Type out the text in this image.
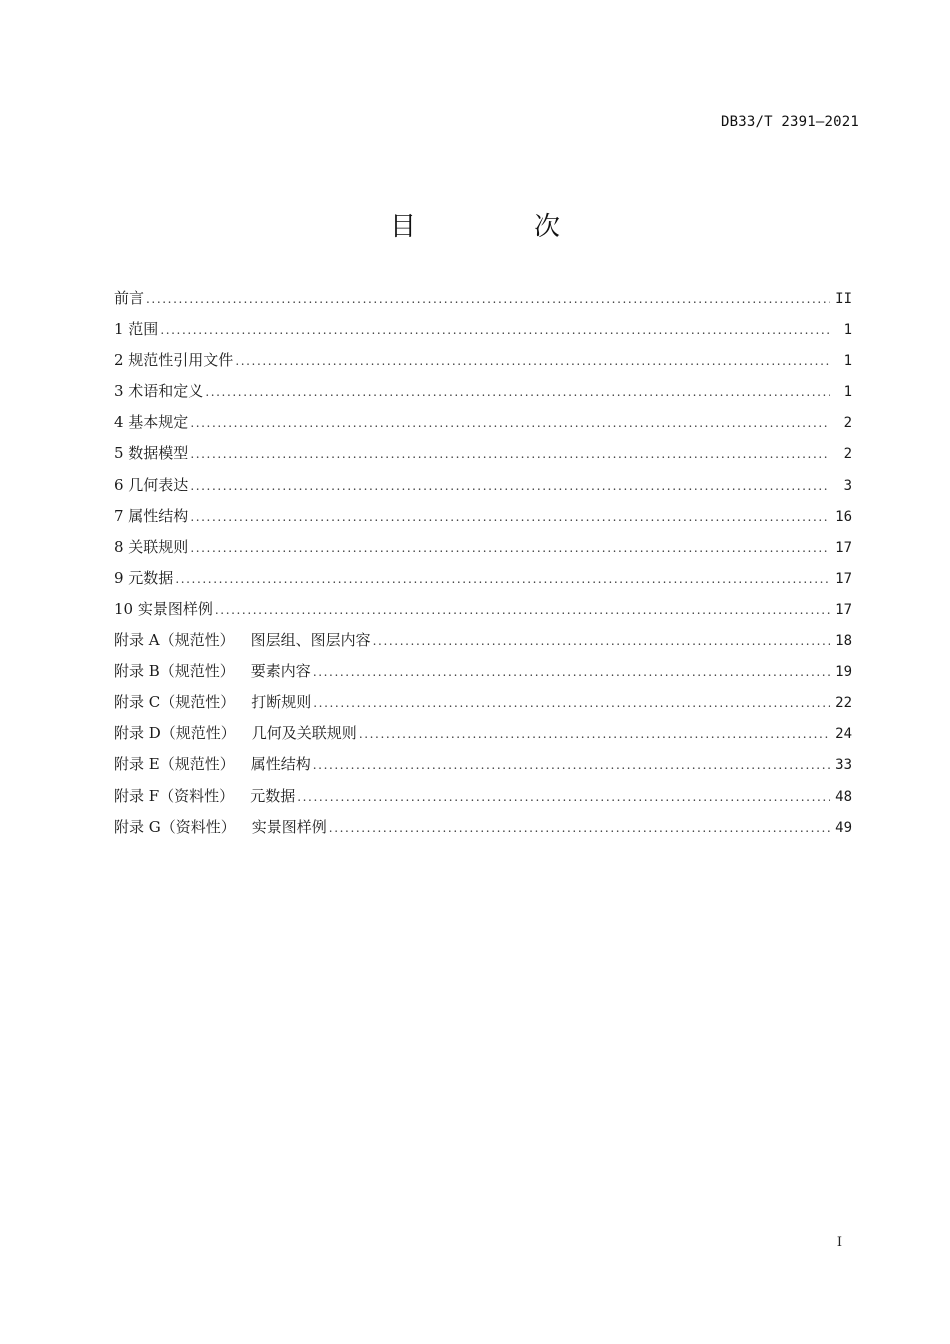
DB33/T 2391—2021
目　次
前言 .....	II
1 范围 .....	1
2 规范性引用文件 .....	1
3 术语和定义 .....	1
4 基本规定 .....	2
5 数据模型 .....	2
6 几何表达 .....	3
7 属性结构 .....	16
8 关联规则 .....	17
9 元数据 .....	17
10 实景图样例 .....	17
附录 A（规范性） 图层组、图层内容 .....	18
附录 B（规范性） 要素内容 .....	19
附录 C（规范性） 打断规则 .....	22
附录 D（规范性） 几何及关联规则 .....	24
附录 E（规范性） 属性结构 .....	33
附录 F（资料性） 元数据 .....	48
附录 G（资料性） 实景图样例 .....	49
I
